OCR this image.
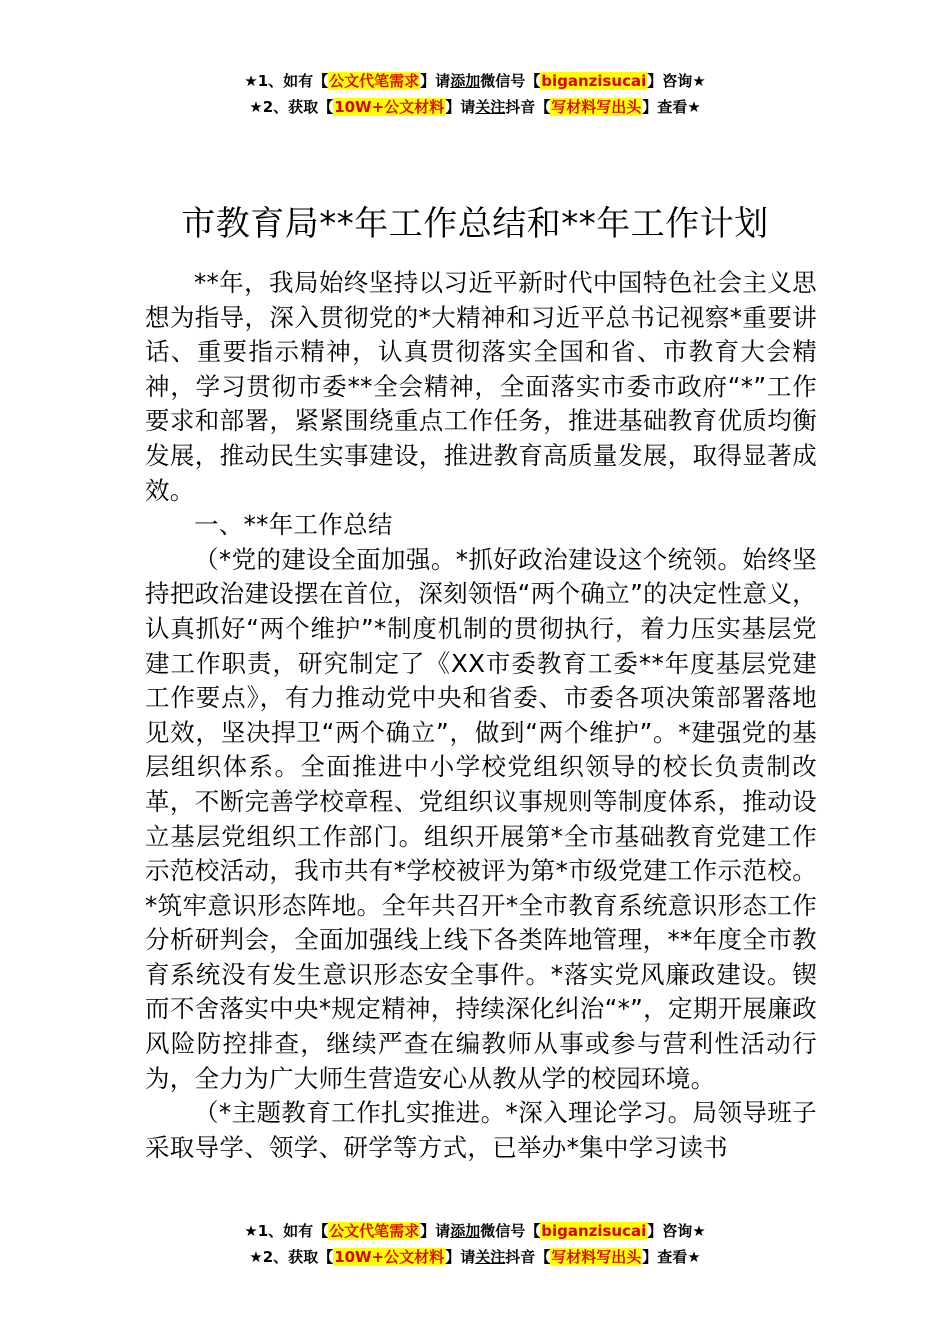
★1、如有【公文代笔需求】请添加微信号【biganzisucai】咨询★
★2、获取【10W+公文材料】请关注抖音【写材料写出头】查看★
市教育局**年工作总结和**年工作计划

**年，我局始终坚持以习近平新时代中国特色社会主义思想为指导，深入贯彻党的*大精神和习近平总书记视察*重要讲话、重要指示精神，认真贯彻落实全国和省、市教育大会精神，学习贯彻市委**全会精神，全面落实市委市政府“*”工作要求和部署，紧紧围绕重点工作任务，推进基础教育优质均衡发展，推动民生实事建设，推进教育高质量发展，取得显著成效。

一、**年工作总结

（*党的建设全面加强。*抓好政治建设这个统领。始终坚持把政治建设摆在首位，深刻领悟“两个确立”的决定性意义，认真抓好“两个维护”*制度机制的贯彻执行，着力压实基层党建工作职责，研究制定了《XX市委教育工委**年度基层党建工作要点》，有力推动党中央和省委、市委各项决策部署落地见效，坚决捍卫“两个确立”，做到“两个维护”。*建强党的基层组织体系。全面推进中小学校党组织领导的校长负责制改革，不断完善学校章程、党组织议事规则等制度体系，推动设立基层党组织工作部门。组织开展第*全市基础教育党建工作示范校活动，我市共有*学校被评为第*市级党建工作示范校。*筑牢意识形态阵地。全年共召开*全市教育系统意识形态工作分析研判会，全面加强线上线下各类阵地管理，**年度全市教育系统没有发生意识形态安全事件。*落实党风廉政建设。锲而不舍落实中央*规定精神，持续深化纠治“*”，定期开展廉政风险防控排查，继续严查在编教师从事或参与营利性活动行为，全力为广大师生营造安心从教从学的校园环境。

（*主题教育工作扎实推进。*深入理论学习。局领导班子采取导学、领学、研学等方式，已举办*集中学习读书

★1、如有【公文代笔需求】请添加微信号【biganzisucai】咨询★
★2、获取【10W+公文材料】请关注抖音【写材料写出头】查看★
